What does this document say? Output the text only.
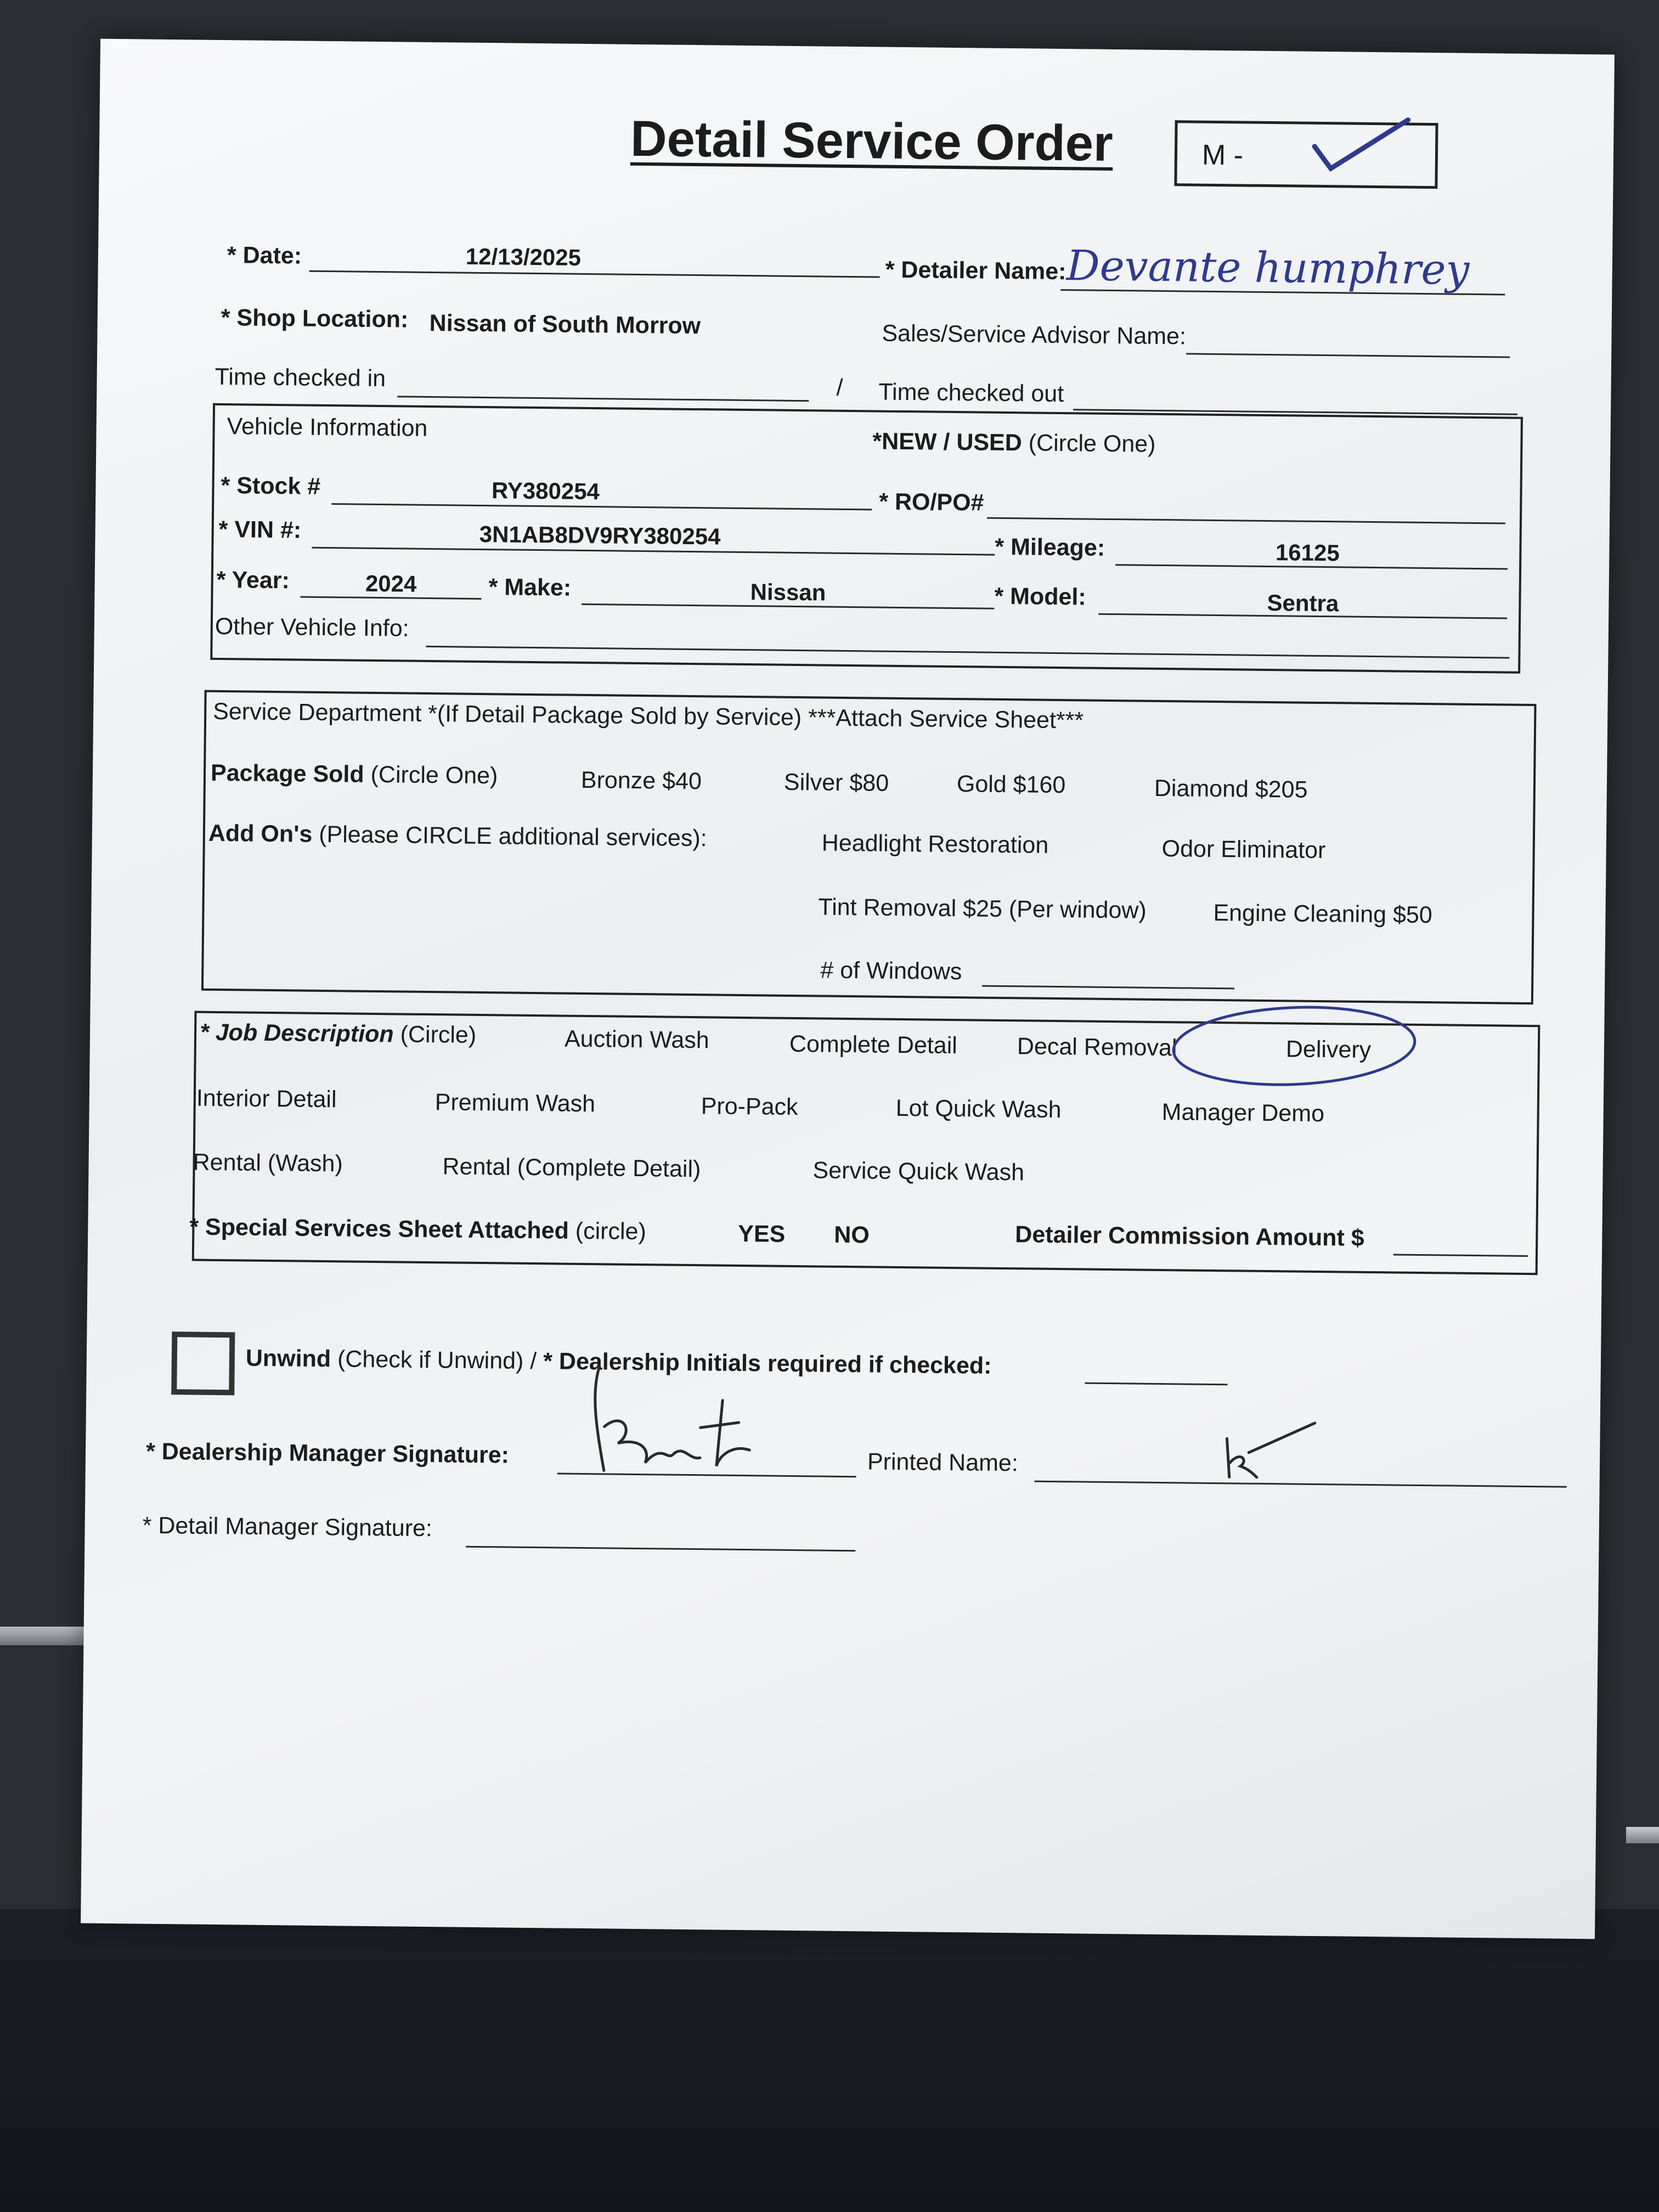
Detail Service Order	M -
* Date:	12/13/2025	* Detailer Name: Devante humphrey
* Shop Location: Nissan of South Morrow	Sales/Service Advisor Name:
Time checked in	/ Time checked out
Vehicle Information
*NEW / USED (Circle One)
* Stock #	RY380254	* RO/PO#
* VIN #:	3N1AB8DV9RY380254	* Mileage:	16125
* Year:	2024	* Make:	Nissan	* Model:	Sentra
Other Vehicle Info:
Service Department *(If Detail Package Sold by Service) ***Attach Service Sheet***
Package Sold (Circle One)	Bronze $40	Silver $80	Gold $160	Diamond $205
Add On's (Please CIRCLE additional services):	Headlight Restoration	Odor Eliminator
Tint Removal $25 (Per window)	Engine Cleaning $50
# of Windows
* Job Description (Circle)	Auction Wash	Complete Detail	Decal Removal	Delivery
Interior Detail	Premium Wash	Pro-Pack	Lot Quick Wash	Manager Demo
Rental (Wash)	Rental (Complete Detail)	Service Quick Wash
* Special Services Sheet Attached (circle)	YES NO	Detailer Commission Amount $
Unwind (Check if Unwind) / * Dealership Initials required if checked:
* Dealership Manager Signature:	Printed Name:
* Detail Manager Signature:
